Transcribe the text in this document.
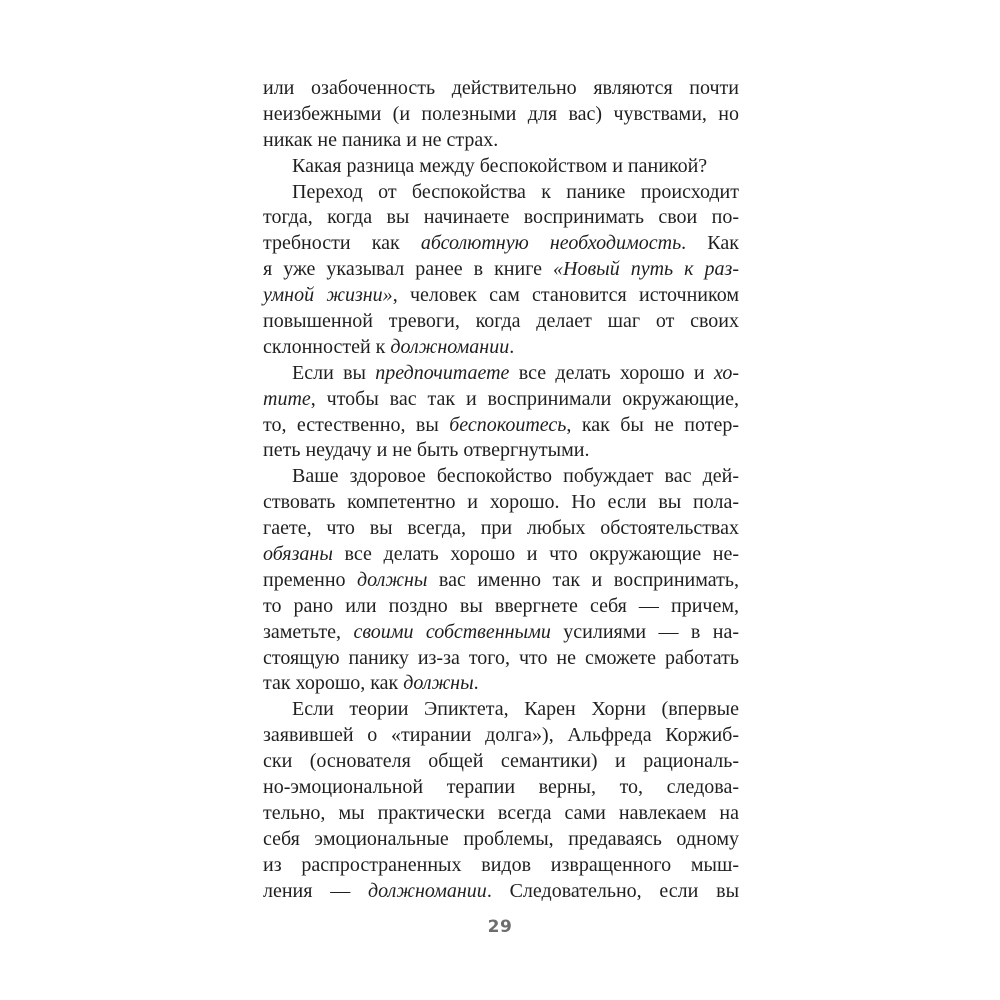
или озабоченность действительно являются почти
неизбежными (и полезными для вас) чувствами, но
никак не паника и не страх.
Какая разница между беспокойством и паникой?
Переход от беспокойства к панике происходит
тогда, когда вы начинаете воспринимать свои по-
требности как абсолютную необходимость. Как
я уже указывал ранее в книге «Новый путь к раз-
умной жизни», человек сам становится источником
повышенной тревоги, когда делает шаг от своих
склонностей к должномании.
Если вы предпочитаете все делать хорошо и хо-
тите, чтобы вас так и воспринимали окружающие,
то, естественно, вы беспокоитесь, как бы не потер-
петь неудачу и не быть отвергнутыми.
Ваше здоровое беспокойство побуждает вас дей-
ствовать компетентно и хорошо. Но если вы пола-
гаете, что вы всегда, при любых обстоятельствах
обязаны все делать хорошо и что окружающие не-
пременно должны вас именно так и воспринимать,
то рано или поздно вы ввергнете себя — причем,
заметьте, своими собственными усилиями — в на-
стоящую панику из-за того, что не сможете работать
так хорошо, как должны.
Если теории Эпиктета, Карен Хорни (впервые
заявившей о «тирании долга»), Альфреда Коржиб-
ски (основателя общей семантики) и рациональ-
но-эмоциональной терапии верны, то, следова-
тельно, мы практически всегда сами навлекаем на
себя эмоциональные проблемы, предаваясь одному
из распространенных видов извращенного мыш-
ления — должномании. Следовательно, если вы
29
